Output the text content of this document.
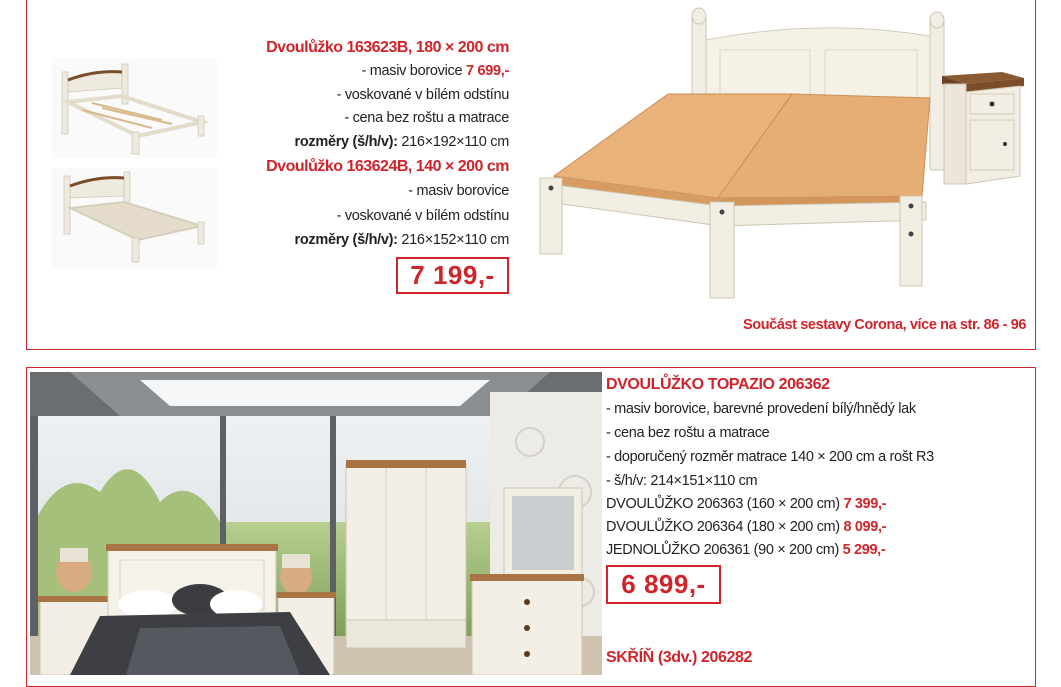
Dvoulůžko 163623B, 180 × 200 cm
- masiv borovice 7 699,-
- voskované v bílém odstínu
- cena bez roštu a matrace
rozměry (š/h/v): 216×192×110 cm
Dvoulůžko 163624B, 140 × 200 cm
- masiv borovice
- voskované v bílém odstínu
rozměry (š/h/v): 216×152×110 cm
7 199,-
Součást sestavy Corona, více na str. 86 - 96
DVOULŮŽKO TOPAZIO 206362
- masiv borovice, barevné provedení bílý/hnědý lak
- cena bez roštu a matrace
- doporučený rozměr matrace 140 × 200 cm a rošt R3
- š/h/v: 214×151×110 cm
DVOULŮŽKO 206363 (160 × 200 cm) 7 399,-
DVOULŮŽKO 206364 (180 × 200 cm) 8 099,-
JEDNOLŮŽKO 206361 (90 × 200 cm) 5 299,-
6 899,-
SKŘÍŇ (3dv.) 206282
